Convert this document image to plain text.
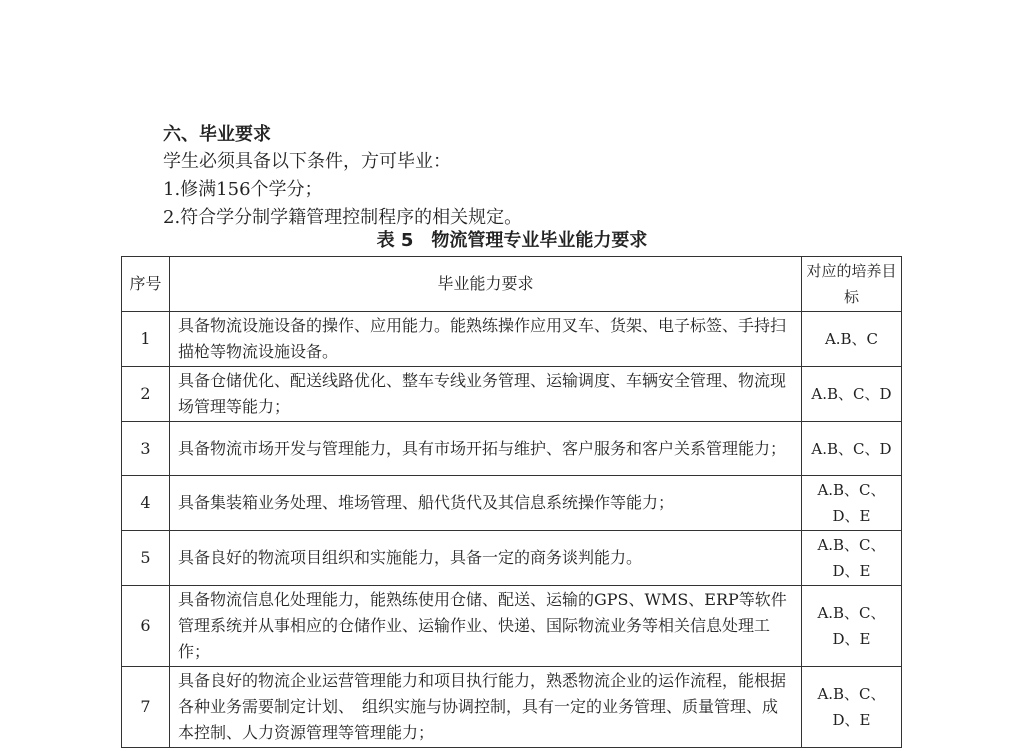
六、毕业要求

学生必须具备以下条件，方可毕业：

1.修满156个学分；

2.符合学分制学籍管理控制程序的相关规定。

表 5　物流管理专业毕业能力要求
序号	毕业能力要求	对应的培养目标
1	具备物流设施设备的操作、应用能力。能熟练操作应用叉车、货架、电子标签、手持扫描枪等物流设施设备。	A.B、C
2	具备仓储优化、配送线路优化、整车专线业务管理、运输调度、车辆安全管理、物流现场管理等能力；	A.B、C、D
3	具备物流市场开发与管理能力，具有市场开拓与维护、客户服务和客户关系管理能力；	A.B、C、D
4	具备集装箱业务处理、堆场管理、船代货代及其信息系统操作等能力；	A.B、C、D、E
5	具备良好的物流项目组织和实施能力，具备一定的商务谈判能力。	A.B、C、D、E
6	具备物流信息化处理能力，能熟练使用仓储、配送、运输的GPS、WMS、ERP等软件管理系统并从事相应的仓储作业、运输作业、快递、国际物流业务等相关信息处理工作；	A.B、C、D、E
7	具备良好的物流企业运营管理能力和项目执行能力，熟悉物流企业的运作流程，能根据各种业务需要制定计划、　组织实施与协调控制，具有一定的业务管理、质量管理、成本控制、人力资源管理等管理能力；	A.B、C、D、E
